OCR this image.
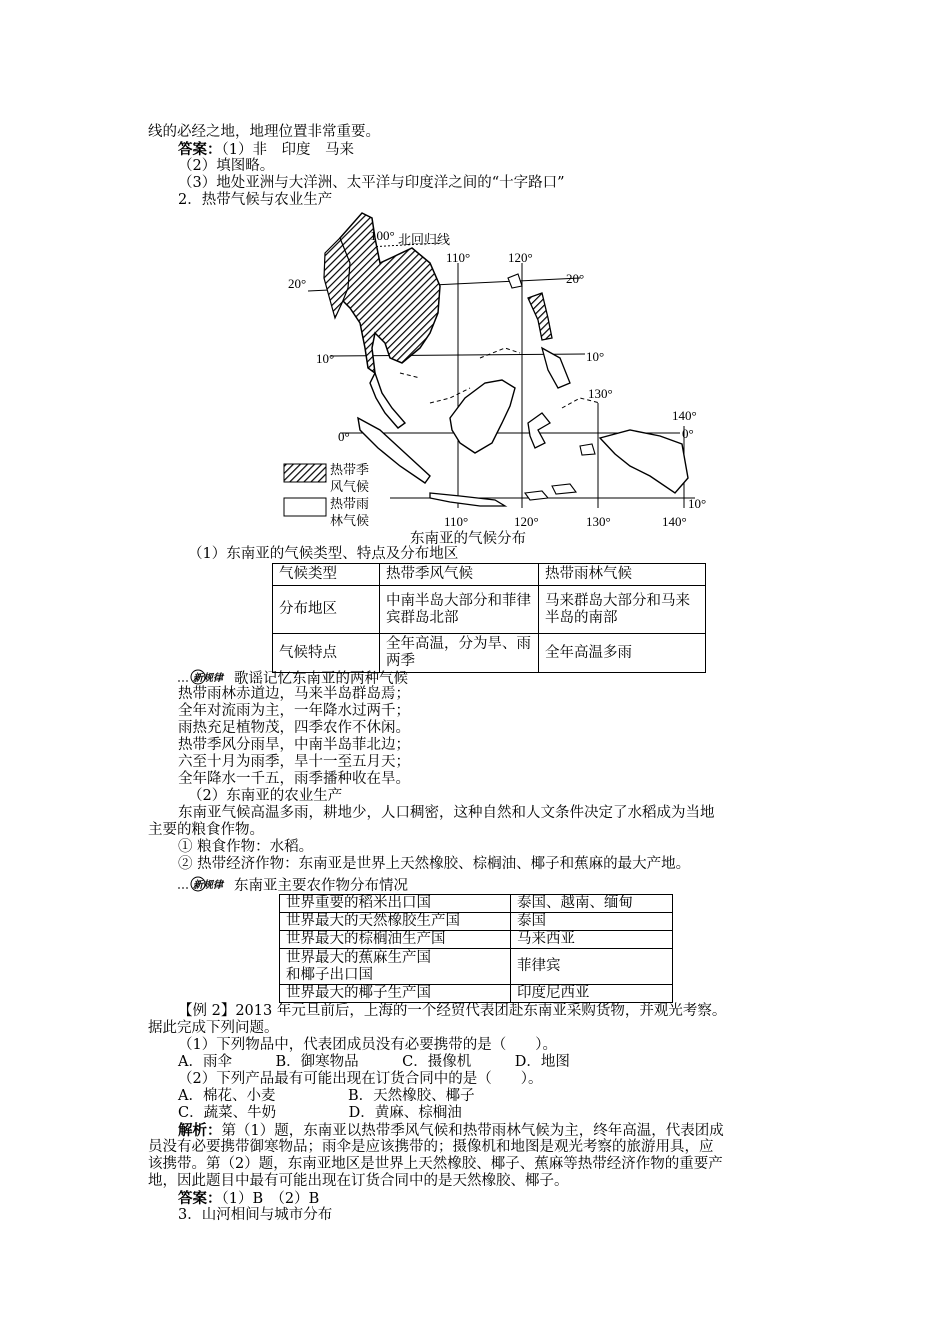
线的必经之地，地理位置非常重要。
答案：（1）非　印度　马来
（2）填图略。
（3）地处亚洲与大洋洲、太平洋与印度洋之间的“十字路口”
2．热带气候与农业生产
100° 北回归线
110°	120°
20°	20°
10°	10°
130°
140°
0°	0°
10°
110°	120°	130°	140°
热带季
风气候
热带雨
林气候
东南亚的气候分布
（1）东南亚的气候类型、特点及分布地区
气候类型	热带季风气候	热带雨林气候
分布地区	中南半岛大部分和菲律宾群岛北部	马来群岛大部分和马来半岛的南部
气候特点	全年高温，分为旱、雨两季	全年高温多雨
新规律 歌谣记忆东南亚的两种气候
热带雨林赤道边，马来半岛群岛焉；
全年对流雨为主，一年降水过两千；
雨热充足植物茂，四季农作不休闲。
热带季风分雨旱，中南半岛菲北边；
六至十月为雨季，旱十一至五月天；
全年降水一千五，雨季播种收在旱。
（2）东南亚的农业生产
东南亚气候高温多雨，耕地少，人口稠密，这种自然和人文条件决定了水稻成为当地
主要的粮食作物。
① 粮食作物：水稻。
② 热带经济作物：东南亚是世界上天然橡胶、棕榈油、椰子和蕉麻的最大产地。
新规律 东南亚主要农作物分布情况
世界重要的稻米出口国	泰国、越南、缅甸
世界最大的天然橡胶生产国	泰国
世界最大的棕榈油生产国	马来西亚
世界最大的蕉麻生产国
和椰子出口国	菲律宾
世界最大的椰子生产国	印度尼西亚
【例 2】2013 年元旦前后，上海的一个经贸代表团赴东南亚采购货物，并观光考察。
据此完成下列问题。
（1）下列物品中，代表团成员没有必要携带的是（　　）。
A．雨伞　　　B．御寒物品　　　C．摄像机　　　D．地图
（2）下列产品最有可能出现在订货合同中的是（　　）。
A．棉花、小麦　　　　　B．天然橡胶、椰子
C．蔬菜、牛奶　　　　　D．黄麻、棕榈油
解析：第（1）题，东南亚以热带季风气候和热带雨林气候为主，终年高温，代表团成
员没有必要携带御寒物品；雨伞是应该携带的；摄像机和地图是观光考察的旅游用具，应
该携带。第（2）题，东南亚地区是世界上天然橡胶、椰子、蕉麻等热带经济作物的重要产
地，因此题目中最有可能出现在订货合同中的是天然橡胶、椰子。
答案：（1）B　（2）B
3．山河相间与城市分布
